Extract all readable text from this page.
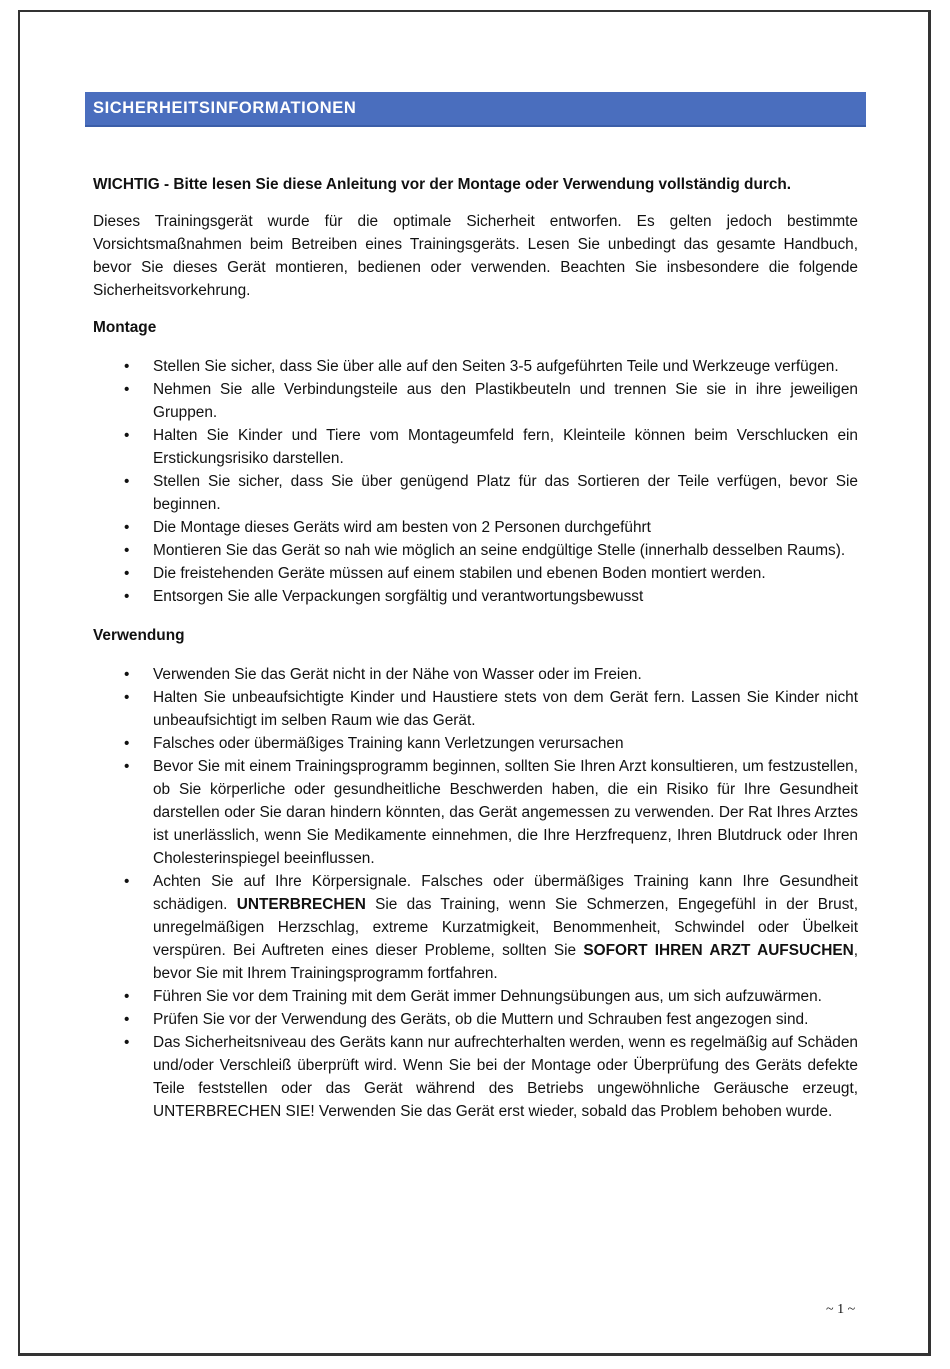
SICHERHEITSINFORMATIONEN

WICHTIG - Bitte lesen Sie diese Anleitung vor der Montage oder Verwendung vollständig durch.

Dieses Trainingsgerät wurde für die optimale Sicherheit entworfen. Es gelten jedoch bestimmte Vorsichtsmaßnahmen beim Betreiben eines Trainingsgeräts. Lesen Sie unbedingt das gesamte Handbuch, bevor Sie dieses Gerät montieren, bedienen oder verwenden. Beachten Sie insbesondere die folgende Sicherheitsvorkehrung.

Montage
• Stellen Sie sicher, dass Sie über alle auf den Seiten 3-5 aufgeführten Teile und Werkzeuge verfügen.
• Nehmen Sie alle Verbindungsteile aus den Plastikbeuteln und trennen Sie sie in ihre jeweiligen Gruppen.
• Halten Sie Kinder und Tiere vom Montageumfeld fern, Kleinteile können beim Verschlucken ein Erstickungsrisiko darstellen.
• Stellen Sie sicher, dass Sie über genügend Platz für das Sortieren der Teile verfügen, bevor Sie beginnen.
• Die Montage dieses Geräts wird am besten von 2 Personen durchgeführt
• Montieren Sie das Gerät so nah wie möglich an seine endgültige Stelle (innerhalb desselben Raums).
• Die freistehenden Geräte müssen auf einem stabilen und ebenen Boden montiert werden.
• Entsorgen Sie alle Verpackungen sorgfältig und verantwortungsbewusst
Verwendung
• Verwenden Sie das Gerät nicht in der Nähe von Wasser oder im Freien.
• Halten Sie unbeaufsichtigte Kinder und Haustiere stets von dem Gerät fern. Lassen Sie Kinder nicht unbeaufsichtigt im selben Raum wie das Gerät.
• Falsches oder übermäßiges Training kann Verletzungen verursachen
• Bevor Sie mit einem Trainingsprogramm beginnen, sollten Sie Ihren Arzt konsultieren, um festzustellen, ob Sie körperliche oder gesundheitliche Beschwerden haben, die ein Risiko für Ihre Gesundheit darstellen oder Sie daran hindern könnten, das Gerät angemessen zu verwenden. Der Rat Ihres Arztes ist unerlässlich, wenn Sie Medikamente einnehmen, die Ihre Herzfrequenz, Ihren Blutdruck oder Ihren Cholesterinspiegel beeinflussen.
• Achten Sie auf Ihre Körpersignale. Falsches oder übermäßiges Training kann Ihre Gesundheit schädigen. UNTERBRECHEN Sie das Training, wenn Sie Schmerzen, Engegefühl in der Brust, unregelmäßigen Herzschlag, extreme Kurzatmigkeit, Benommenheit, Schwindel oder Übelkeit verspüren. Bei Auftreten eines dieser Probleme, sollten Sie SOFORT IHREN ARZT AUFSUCHEN, bevor Sie mit Ihrem Trainingsprogramm fortfahren.
• Führen Sie vor dem Training mit dem Gerät immer Dehnungsübungen aus, um sich aufzuwärmen.
• Prüfen Sie vor der Verwendung des Geräts, ob die Muttern und Schrauben fest angezogen sind.
• Das Sicherheitsniveau des Geräts kann nur aufrechterhalten werden, wenn es regelmäßig auf Schäden und/oder Verschleiß überprüft wird. Wenn Sie bei der Montage oder Überprüfung des Geräts defekte Teile feststellen oder das Gerät während des Betriebs ungewöhnliche Geräusche erzeugt, UNTERBRECHEN SIE! Verwenden Sie das Gerät erst wieder, sobald das Problem behoben wurde.
~ 1 ~
